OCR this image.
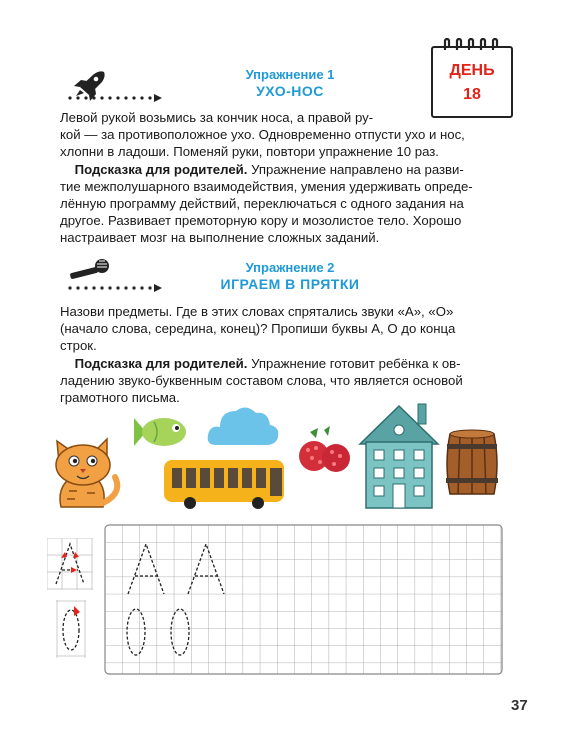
ДЕНЬ
18
Упражнение 1
УХО-НОС
Левой рукой возьмись за кончик носа, а правой ру-
кой — за противоположное ухо. Одновременно отпусти ухо и нос,
хлопни в ладоши. Поменяй руки, повтори упражнение 10 раз.
Подсказка для родителей. Упражнение направлено на разви-
тие межполушарного взаимодействия, умения удерживать опреде-
лённую программу действий, переключаться с одного задания на
другое. Развивает премоторную кору и мозолистое тело. Хорошо
настраивает мозг на выполнение сложных заданий.
Упражнение 2
ИГРАЕМ В ПРЯТКИ
Назови предметы. Где в этих словах спрятались звуки «А», «О»
(начало слова, середина, конец)? Пропиши буквы А, О до конца
строк.
Подсказка для родителей. Упражнение готовит ребёнка к ов-
ладению звуко-буквенным составом слова, что является основой
грамотного письма.
37
